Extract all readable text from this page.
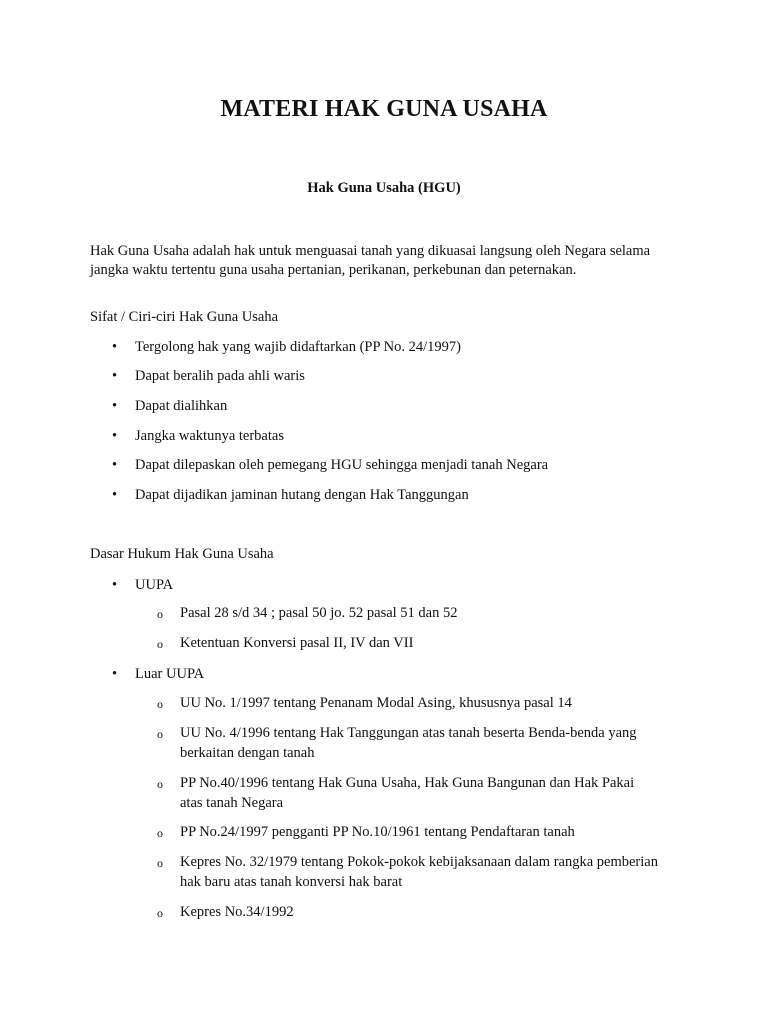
MATERI HAK GUNA USAHA
Hak Guna Usaha (HGU)
Hak Guna Usaha adalah hak untuk menguasai tanah yang dikuasai langsung oleh Negara selama
jangka waktu tertentu guna usaha pertanian, perikanan, perkebunan dan peternakan.
Sifat / Ciri-ciri Hak Guna Usaha
• Tergolong hak yang wajib didaftarkan (PP No. 24/1997)
• Dapat beralih pada ahli waris
• Dapat dialihkan
• Jangka waktunya terbatas
• Dapat dilepaskan oleh pemegang HGU sehingga menjadi tanah Negara
• Dapat dijadikan jaminan hutang dengan Hak Tanggungan
Dasar Hukum Hak Guna Usaha
• UUPA
o Pasal 28 s/d 34 ; pasal 50 jo. 52 pasal 51 dan 52
o Ketentuan Konversi pasal II, IV dan VII
• Luar UUPA
o UU No. 1/1997 tentang Penanam Modal Asing, khususnya pasal 14
o UU No. 4/1996 tentang Hak Tanggungan atas tanah beserta Benda-benda yang
berkaitan dengan tanah
o PP No.40/1996 tentang Hak Guna Usaha, Hak Guna Bangunan dan Hak Pakai
atas tanah Negara
o PP No.24/1997 pengganti PP No.10/1961 tentang Pendaftaran tanah
o Kepres No. 32/1979 tentang Pokok-pokok kebijaksanaan dalam rangka pemberian
hak baru atas tanah konversi hak barat
o Kepres No.34/1992
